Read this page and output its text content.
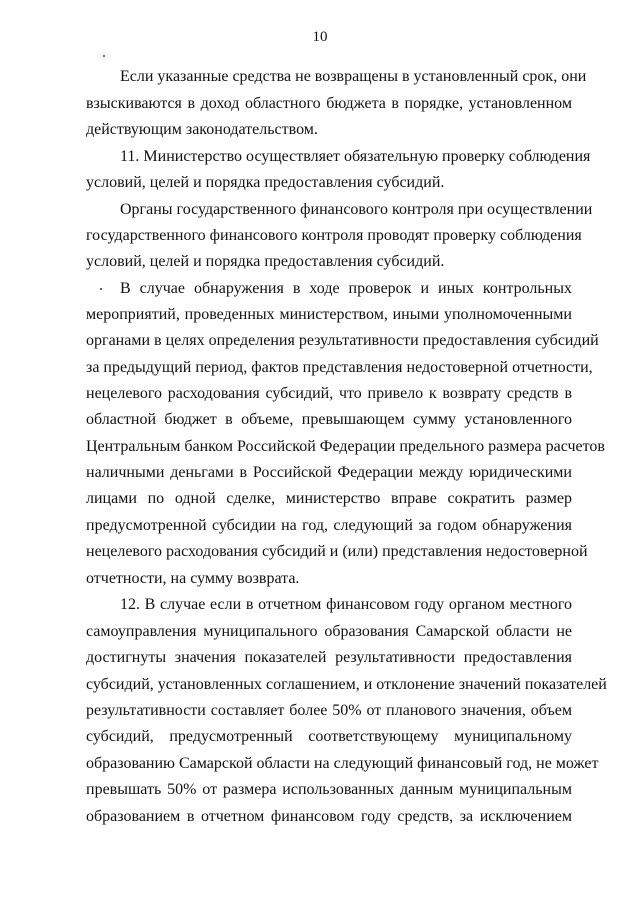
10
Если указанные средства не возвращены в установленный срок, они
взыскиваются в доход областного бюджета в порядке, установленном
действующим законодательством.
11. Министерство осуществляет обязательную проверку соблюдения
условий, целей и порядка предоставления субсидий.
Органы государственного финансового контроля при осуществлении
государственного финансового контроля проводят проверку соблюдения
условий, целей и порядка предоставления субсидий.
В случае обнаружения в ходе проверок и иных контрольных
мероприятий, проведенных министерством, иными уполномоченными
органами в целях определения результативности предоставления субсидий
за предыдущий период, фактов представления недостоверной отчетности,
нецелевого расходования субсидий, что привело к возврату средств в
областной бюджет в объеме, превышающем сумму установленного
Центральным банком Российской Федерации предельного размера расчетов
наличными деньгами в Российской Федерации между юридическими
лицами по одной сделке, министерство вправе сократить размер
предусмотренной субсидии на год, следующий за годом обнаружения
нецелевого расходования субсидий и (или) представления недостоверной
отчетности, на сумму возврата.
12. В случае если в отчетном финансовом году органом местного
самоуправления муниципального образования Самарской области не
достигнуты значения показателей результативности предоставления
субсидий, установленных соглашением, и отклонение значений показателей
результативности составляет более 50% от планового значения, объем
субсидий, предусмотренный соответствующему муниципальному
образованию Самарской области на следующий финансовый год, не может
превышать 50% от размера использованных данным муниципальным
образованием в отчетном финансовом году средств, за исключением
